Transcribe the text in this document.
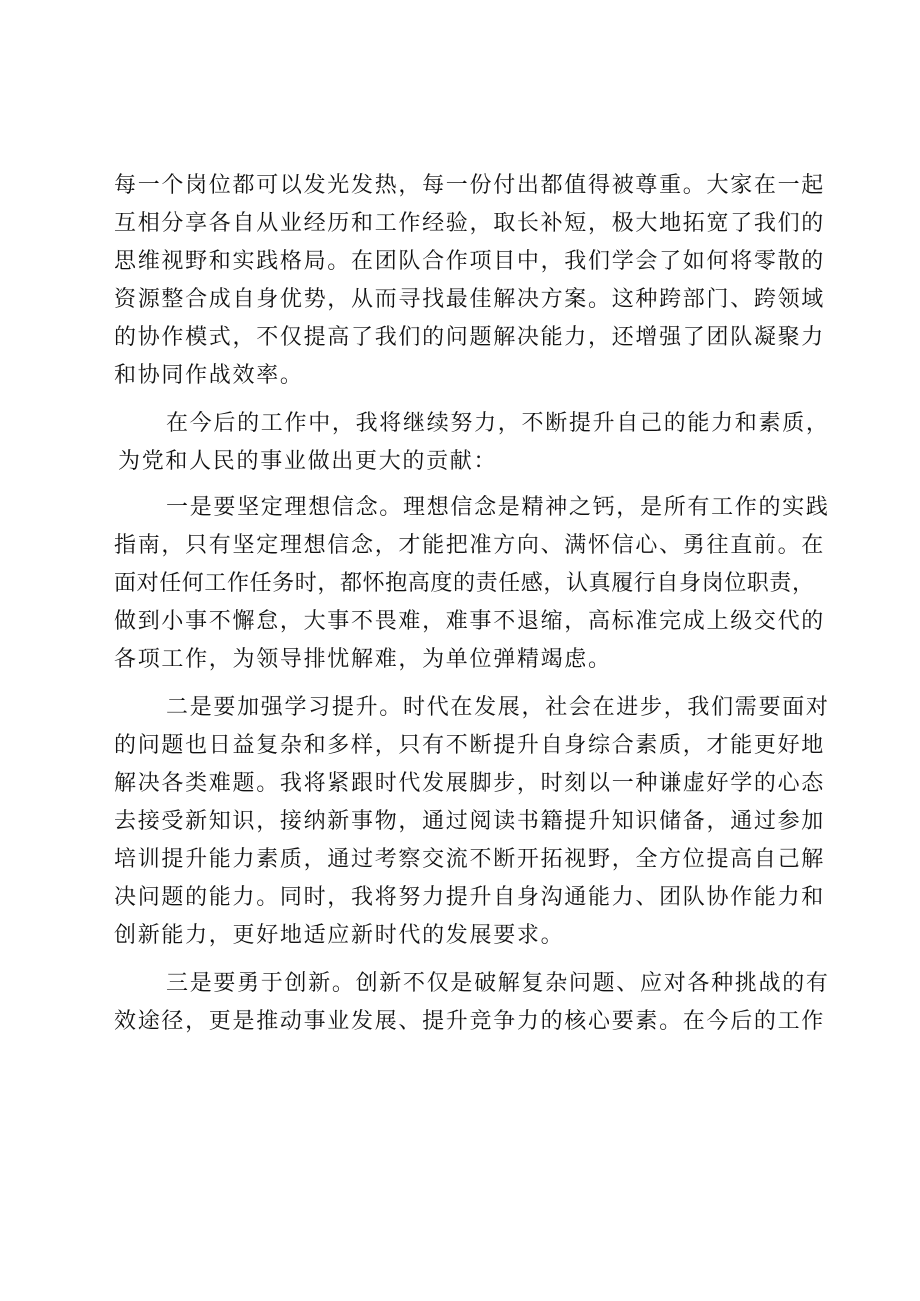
每一个岗位都可以发光发热，每一份付出都值得被尊重。大家在一起
互相分享各自从业经历和工作经验，取长补短，极大地拓宽了我们的
思维视野和实践格局。在团队合作项目中，我们学会了如何将零散的
资源整合成自身优势，从而寻找最佳解决方案。这种跨部门、跨领域
的协作模式，不仅提高了我们的问题解决能力，还增强了团队凝聚力
和协同作战效率。
在今后的工作中，我将继续努力，不断提升自己的能力和素质，
为党和人民的事业做出更大的贡献：
一是要坚定理想信念。理想信念是精神之钙，是所有工作的实践
指南，只有坚定理想信念，才能把准方向、满怀信心、勇往直前。在
面对任何工作任务时，都怀抱高度的责任感，认真履行自身岗位职责，
做到小事不懈怠，大事不畏难，难事不退缩，高标准完成上级交代的
各项工作，为领导排忧解难，为单位弹精竭虑。
二是要加强学习提升。时代在发展，社会在进步，我们需要面对
的问题也日益复杂和多样，只有不断提升自身综合素质，才能更好地
解决各类难题。我将紧跟时代发展脚步，时刻以一种谦虚好学的心态
去接受新知识，接纳新事物，通过阅读书籍提升知识储备，通过参加
培训提升能力素质，通过考察交流不断开拓视野，全方位提高自己解
决问题的能力。同时，我将努力提升自身沟通能力、团队协作能力和
创新能力，更好地适应新时代的发展要求。
三是要勇于创新。创新不仅是破解复杂问题、应对各种挑战的有
效途径，更是推动事业发展、提升竞争力的核心要素。在今后的工作
